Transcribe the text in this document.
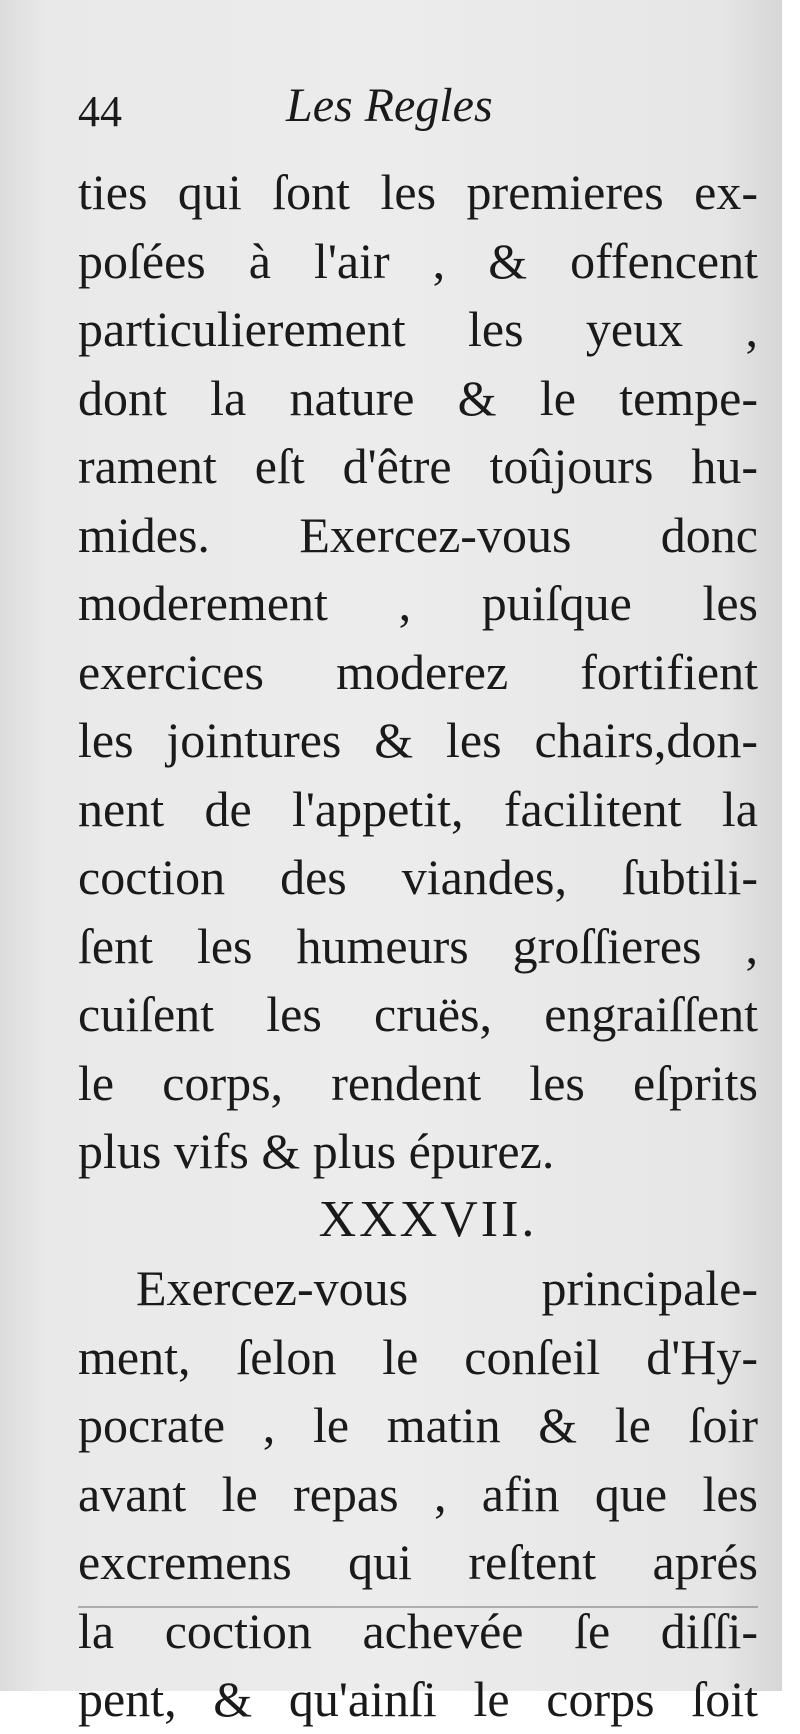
44	Les Regles
ties qui ſont les premieres ex-
poſées à l'air , & offencent
particulierement les yeux ,
dont la nature & le tempe-
rament eſt d'être toûjours hu-
mides. Exercez-vous donc
moderement , puiſque les
exercices moderez fortifient
les jointures & les chairs,don-
nent de l'appetit, facilitent la
coction des viandes, ſubtili-
ſent les humeurs groſſieres ,
cuiſent les cruës, engraiſſent
le corps, rendent les eſprits
plus vifs & plus épurez.
XXXVII.
Exercez-vous principale-
ment, ſelon le conſeil d'Hy-
pocrate , le matin & le ſoir
avant le repas , afin que les
excremens qui reſtent aprés
la coction achevée ſe diſſi-
pent, & qu'ainſi le corps ſoit
